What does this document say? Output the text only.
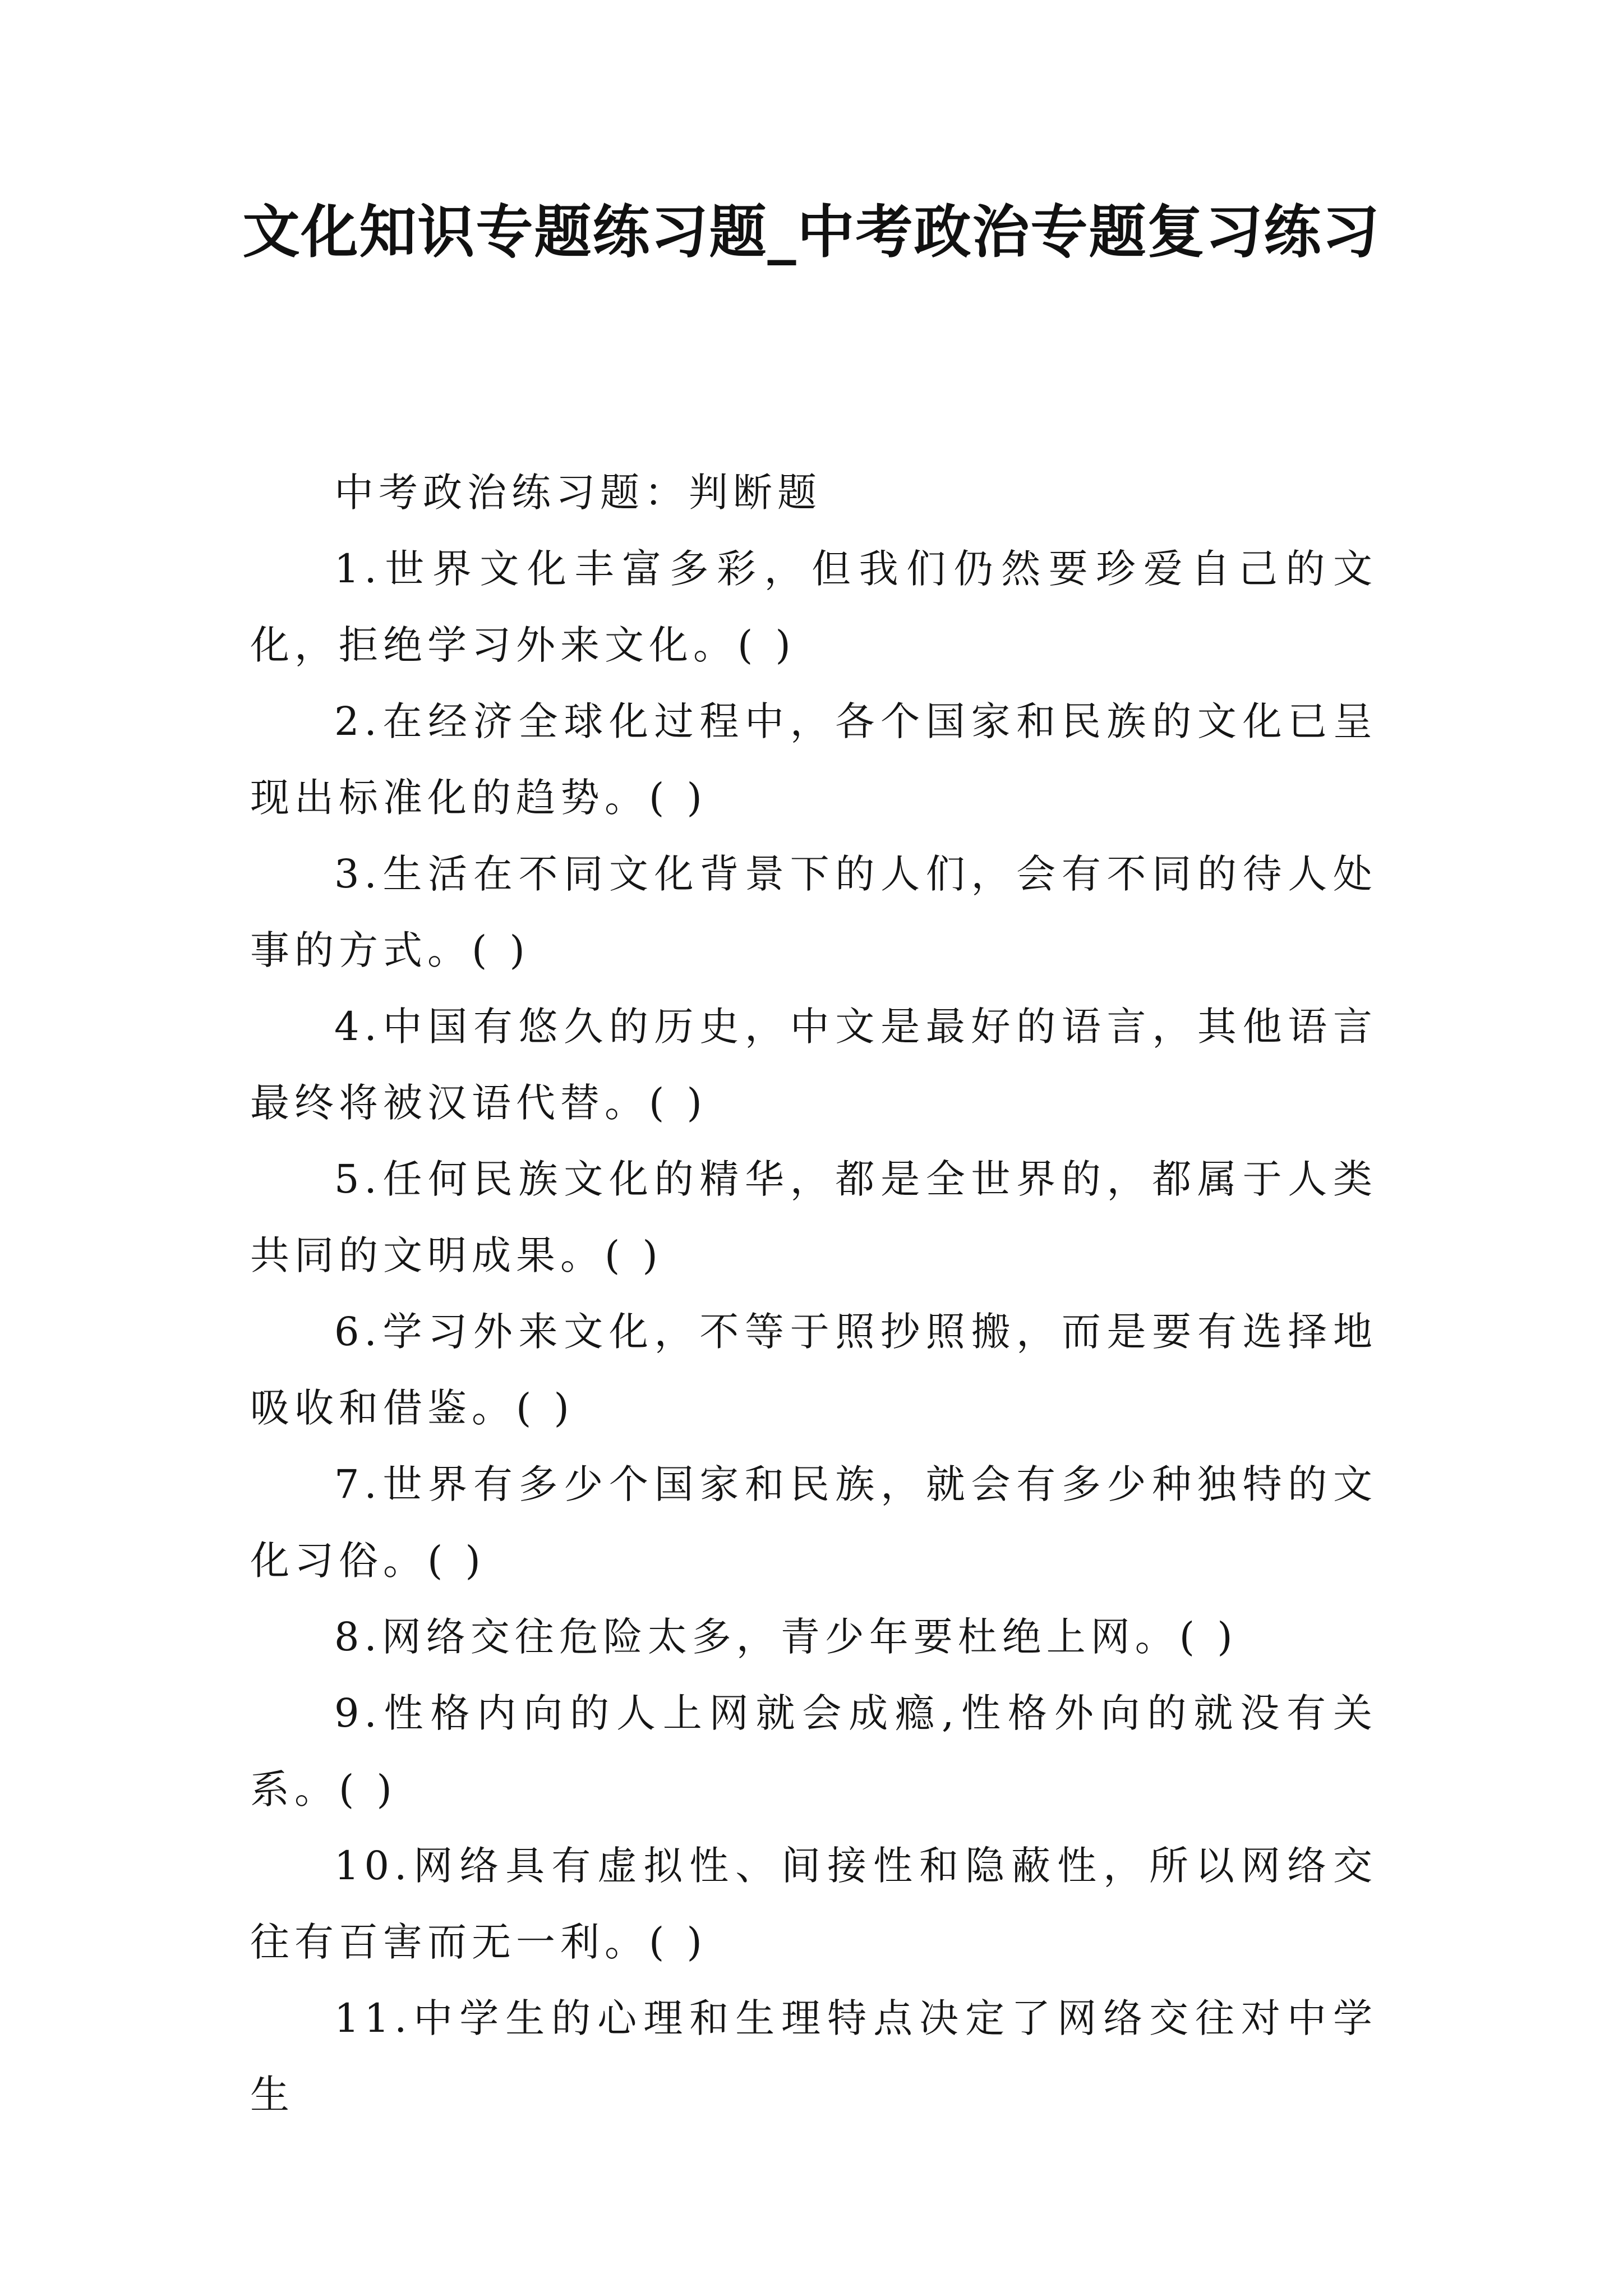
文化知识专题练习题_中考政治专题复习练习

中考政治练习题：判断题

1.世界文化丰富多彩，但我们仍然要珍爱自己的文化，拒绝学习外来文化。( )

2.在经济全球化过程中，各个国家和民族的文化已呈现出标准化的趋势。( )

3.生活在不同文化背景下的人们，会有不同的待人处事的方式。( )

4.中国有悠久的历史，中文是最好的语言，其他语言最终将被汉语代替。( )

5.任何民族文化的精华，都是全世界的，都属于人类共同的文明成果。( )

6.学习外来文化，不等于照抄照搬，而是要有选择地吸收和借鉴。( )

7.世界有多少个国家和民族，就会有多少种独特的文化习俗。( )

8.网络交往危险太多，青少年要杜绝上网。( )

9.性格内向的人上网就会成瘾,性格外向的就没有关系。( )

10.网络具有虚拟性、间接性和隐蔽性，所以网络交往有百害而无一利。( )

11.中学生的心理和生理特点决定了网络交往对中学生
